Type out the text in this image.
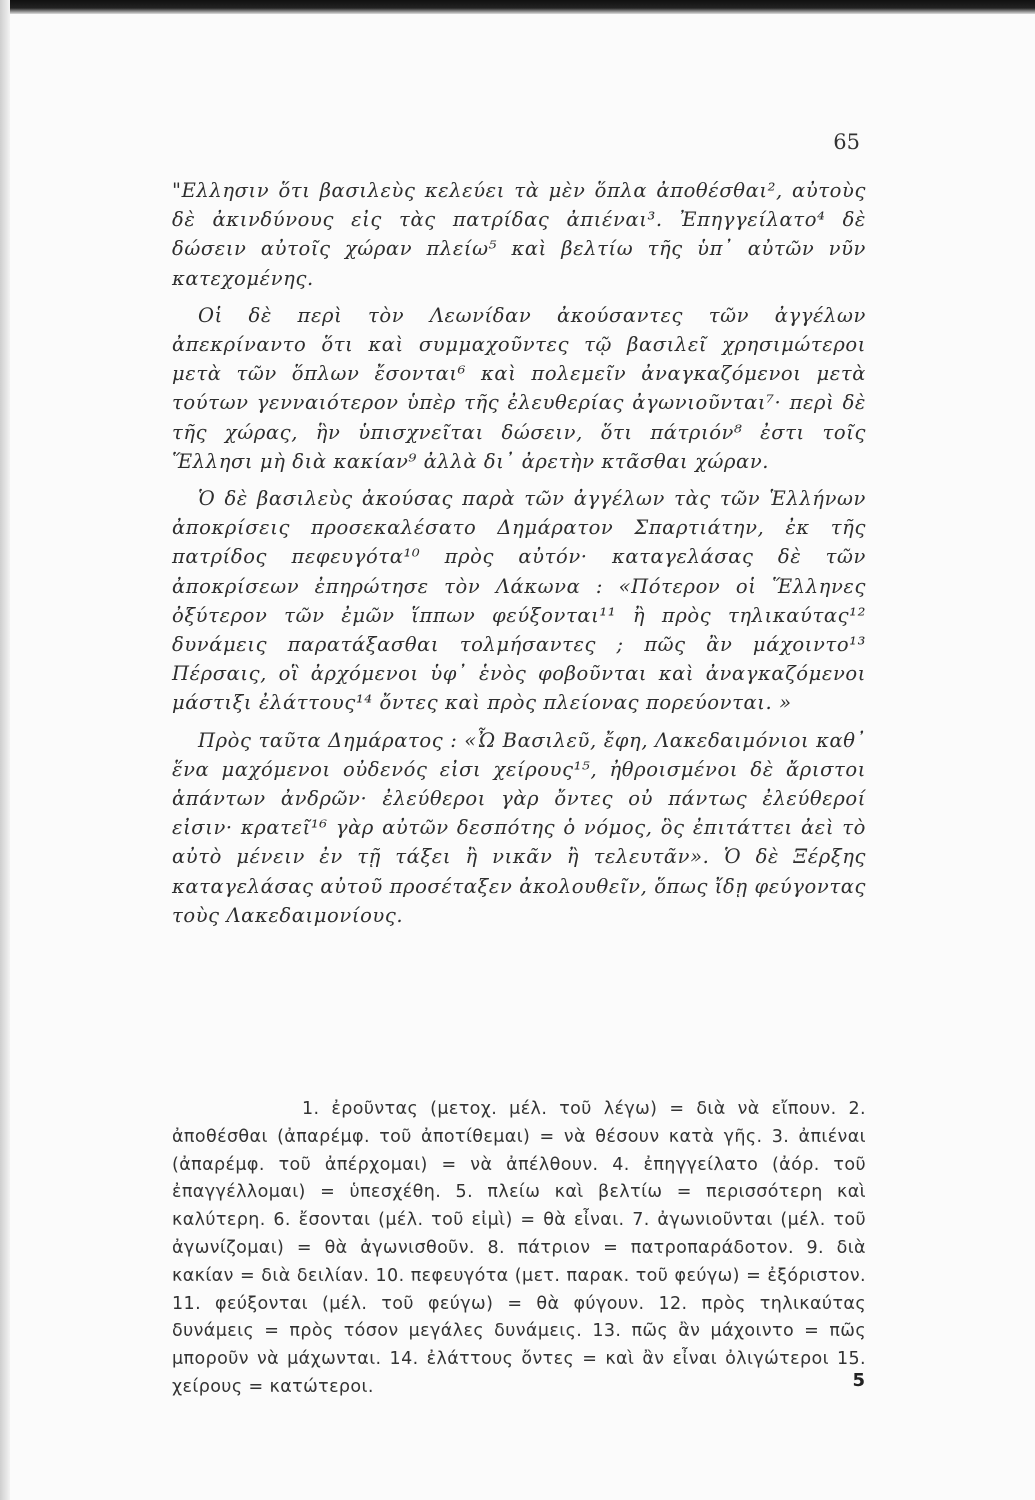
65

"Ελλησιν ὅτι βασιλεὺς κελεύει τὰ μὲν ὅπλα ἀποθέσθαι², αὐτοὺς δὲ ἀκινδύνους εἰς τὰς πατρίδας ἀπιέναι³. Ἐπηγγείλατο⁴ δὲ δώσειν αὐτοῖς χώραν πλείω⁵ καὶ βελτίω τῆς ὑπ᾽ αὐτῶν νῦν κατεχομένης.

Οἱ δὲ περὶ τὸν Λεωνίδαν ἀκούσαντες τῶν ἀγγέλων ἀπεκρίναντο ὅτι καὶ συμμαχοῦντες τῷ βασιλεῖ χρησιμώτεροι μετὰ τῶν ὅπλων ἔσονται⁶ καὶ πολεμεῖν ἀναγκαζόμενοι μετὰ τούτων γενναιότερον ὑπὲρ τῆς ἐλευθερίας ἀγωνιοῦνται⁷· περὶ δὲ τῆς χώρας, ἣν ὑπισχνεῖται δώσειν, ὅτι πάτριόν⁸ ἐστι τοῖς Ἕλλησι μὴ διὰ κακίαν⁹ ἀλλὰ δι᾽ ἀρετὴν κτᾶσθαι χώραν.

Ὁ δὲ βασιλεὺς ἀκούσας παρὰ τῶν ἀγγέλων τὰς τῶν Ἑλλήνων ἀποκρίσεις προσεκαλέσατο Δημάρατον Σπαρτιάτην, ἐκ τῆς πατρίδος πεφευγότα¹⁰ πρὸς αὐτόν· καταγελάσας δὲ τῶν ἀποκρίσεων ἐπηρώτησε τὸν Λάκωνα : «Πότερον οἱ Ἕλληνες ὀξύτερον τῶν ἐμῶν ἵππων φεύξονται¹¹ ἢ πρὸς τηλικαύτας¹² δυνάμεις παρατάξασθαι τολμήσαντες ; πῶς ἂν μάχοιντο¹³ Πέρσαις, οἳ ἀρχόμενοι ὑφ᾽ ἑνὸς φοβοῦνται καὶ ἀναγκαζόμενοι μάστιξι ἐλάττους¹⁴ ὄντες καὶ πρὸς πλείονας πορεύονται. »

Πρὸς ταῦτα Δημάρατος : «Ὦ Βασιλεῦ, ἔφη, Λακεδαιμόνιοι καθ᾽ ἕνα μαχόμενοι οὐδενός εἰσι χείρους¹⁵, ἠθροισμένοι δὲ ἄριστοι ἁπάντων ἀνδρῶν· ἐλεύθεροι γὰρ ὄντες οὐ πάντως ἐλεύθεροί εἰσιν· κρατεῖ¹⁶ γὰρ αὐτῶν δεσπότης ὁ νόμος, ὃς ἐπιτάττει ἀεὶ τὸ αὐτὸ μένειν ἐν τῇ τάξει ἢ νικᾶν ἢ τελευτᾶν». Ὁ δὲ Ξέρξης καταγελάσας αὐτοῦ προσέταξεν ἀκολουθεῖν, ὅπως ἴδῃ φεύγοντας τοὺς Λακεδαιμονίους.

1. ἐροῦντας (μετοχ. μέλ. τοῦ λέγω) = διὰ νὰ εἴπουν. 2. ἀποθέσθαι (ἀπαρέμφ. τοῦ ἀποτίθεμαι) = νὰ θέσουν κατὰ γῆς. 3. ἀπιέναι (ἀπαρέμφ. τοῦ ἀπέρχομαι) = νὰ ἀπέλθουν. 4. ἐπηγγείλατο (ἀόρ. τοῦ ἐπαγγέλλομαι) = ὑπεσχέθη. 5. πλείω καὶ βελτίω = περισσότερη καὶ καλύτερη. 6. ἔσονται (μέλ. τοῦ εἰμὶ) = θὰ εἶναι. 7. ἀγωνιοῦνται (μέλ. τοῦ ἀγωνίζομαι) = θὰ ἀγωνισθοῦν. 8. πάτριον = πατροπαράδοτον. 9. διὰ κακίαν = διὰ δειλίαν. 10. πεφευγότα (μετ. παρακ. τοῦ φεύγω) = ἐξόριστον. 11. φεύξονται (μέλ. τοῦ φεύγω) = θὰ φύγουν. 12. πρὸς τηλικαύτας δυνάμεις = πρὸς τόσον μεγάλες δυνάμεις. 13. πῶς ἂν μάχοιντο = πῶς μποροῦν νὰ μάχωνται. 14. ἐλάττους ὄντες = καὶ ἂν εἶναι ὀλιγώτεροι 15. χείρους = κατώτεροι.	5
